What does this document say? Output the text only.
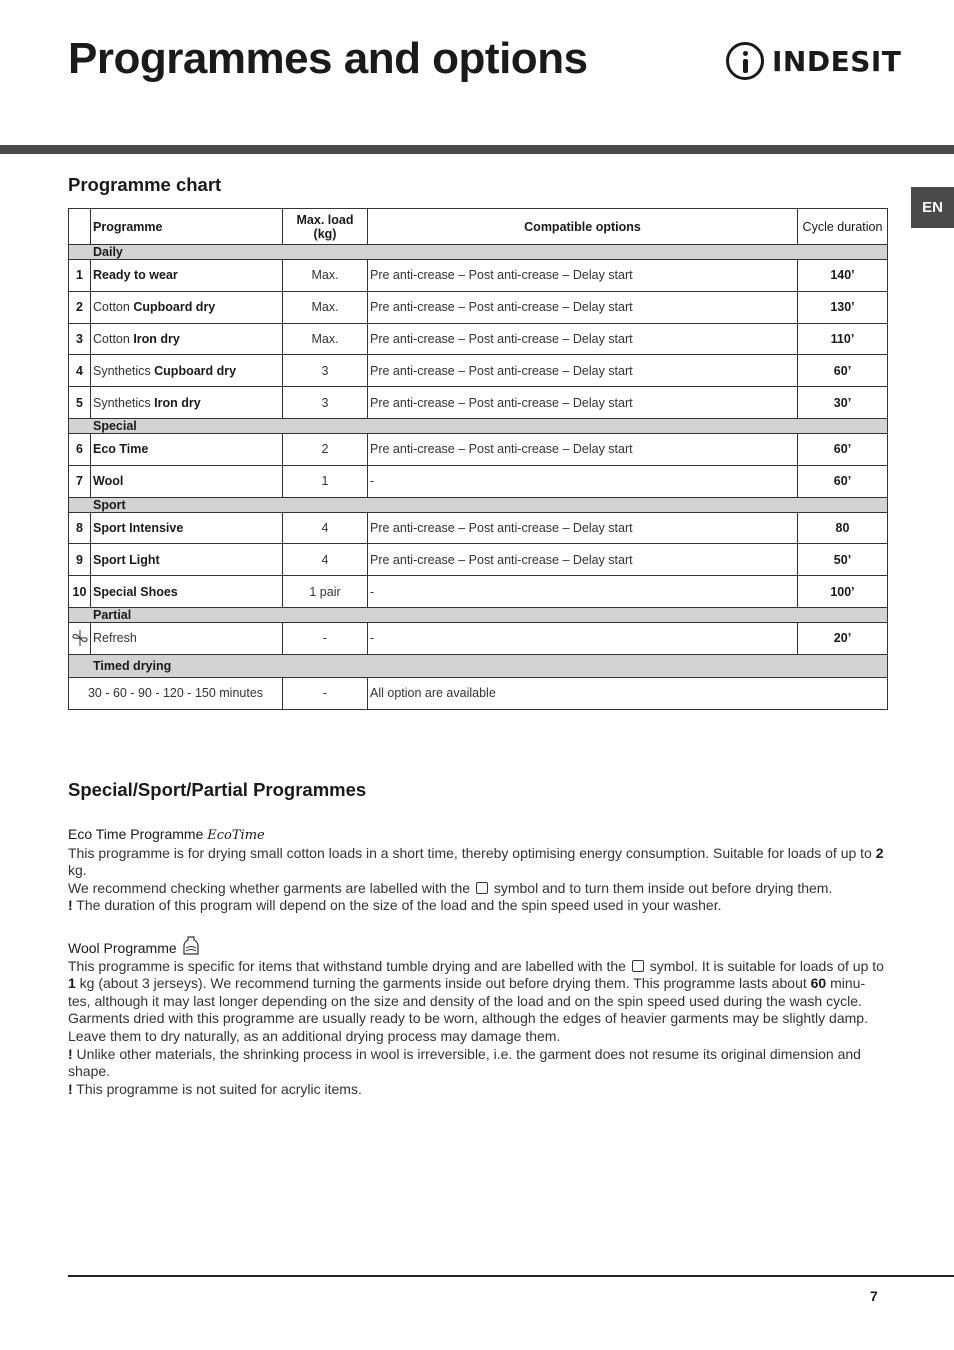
Programmes and options	INDESIT
EN
Programme chart
	Programme	Max. load (kg)	Compatible options	Cycle duration
Daily				
1	Ready to wear	Max.	Pre anti-crease – Post anti-crease – Delay start	140’
2	Cotton Cupboard dry	Max.	Pre anti-crease – Post anti-crease – Delay start	130’
3	Cotton Iron dry	Max.	Pre anti-crease – Post anti-crease – Delay start	110’
4	Synthetics Cupboard dry	3	Pre anti-crease – Post anti-crease – Delay start	60’
5	Synthetics Iron dry	3	Pre anti-crease – Post anti-crease – Delay start	30’
Special				
6	Eco Time	2	Pre anti-crease – Post anti-crease – Delay start	60’
7	Wool	1	-	60’
Sport				
8	Sport Intensive	4	Pre anti-crease – Post anti-crease – Delay start	80
9	Sport Light	4	Pre anti-crease – Post anti-crease – Delay start	50’
10	Special Shoes	1 pair	-	100’
Partial				
	Refresh	-	-	20’
Timed drying				
30 - 60 - 90 - 120 - 150 minutes		-	All option are available	
Special/Sport/Partial Programmes
Eco Time Programme EcoTime
This programme is for drying small cotton loads in a short time, thereby optimising energy consumption. Suitable for loads of up to 2 kg.
We recommend checking whether garments are labelled with the symbol and to turn them inside out before drying them.
! The duration of this program will depend on the size of the load and the spin speed used in your washer.
Wool Programme
This programme is specific for items that withstand tumble drying and are labelled with the symbol. It is suitable for loads of up to 1 kg (about 3 jerseys). We recommend turning the garments inside out before drying them. This programme lasts about 60 minu-tes, although it may last longer depending on the size and density of the load and on the spin speed used during the wash cycle. Garments dried with this programme are usually ready to be worn, although the edges of heavier garments may be slightly damp. Leave them to dry naturally, as an additional drying process may damage them.
! Unlike other materials, the shrinking process in wool is irreversible, i.e. the garment does not resume its original dimension and shape.
! This programme is not suited for acrylic items.
7
